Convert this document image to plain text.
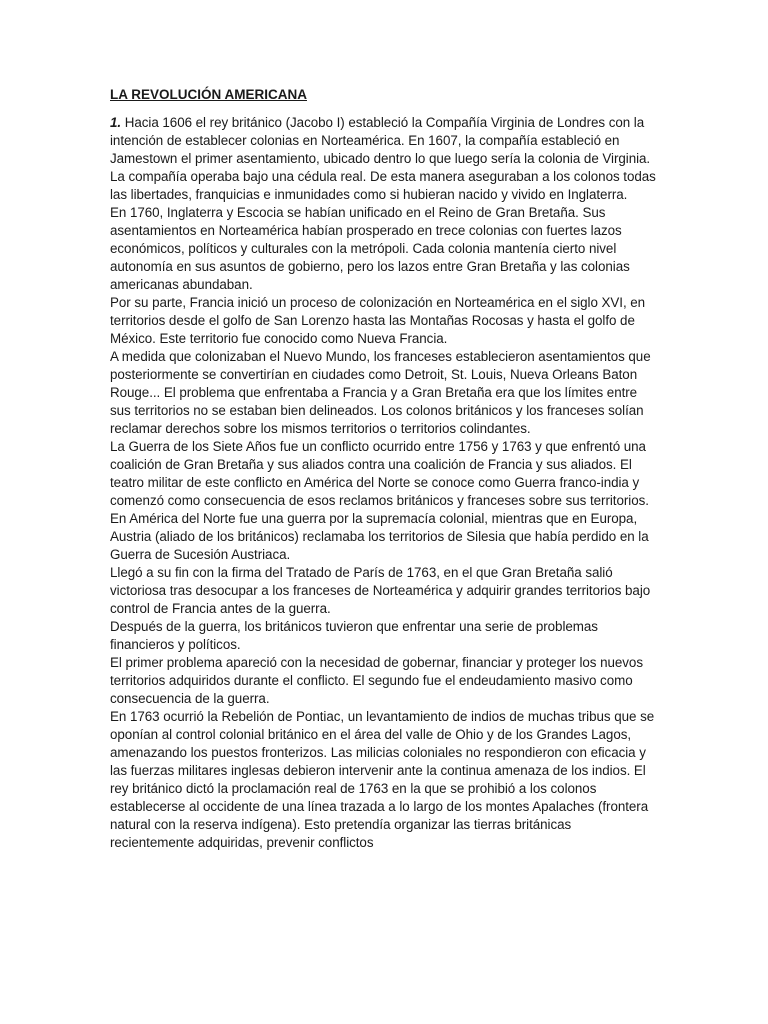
LA REVOLUCIÓN AMERICANA

1. Hacia 1606 el rey británico (Jacobo I) estableció la Compañía Virginia de Londres con la intención de establecer colonias en Norteamérica. En 1607, la compañía estableció en Jamestown el primer asentamiento, ubicado dentro lo que luego sería la colonia de Virginia. La compañía operaba bajo una cédula real. De esta manera aseguraban a los colonos todas las libertades, franquicias e inmunidades como si hubieran nacido y vivido en Inglaterra.

En 1760, Inglaterra y Escocia se habían unificado en el Reino de Gran Bretaña. Sus asentamientos en Norteamérica habían prosperado en trece colonias con fuertes lazos económicos, políticos y culturales con la metrópoli. Cada colonia mantenía cierto nivel autonomía en sus asuntos de gobierno, pero los lazos entre Gran Bretaña y las colonias americanas abundaban.

Por su parte, Francia inició un proceso de colonización en Norteamérica en el siglo XVI, en territorios desde el golfo de San Lorenzo hasta las Montañas Rocosas y hasta el golfo de México. Este territorio fue conocido como Nueva Francia.

A medida que colonizaban el Nuevo Mundo, los franceses establecieron asentamientos que posteriormente se convertirían en ciudades como Detroit, St. Louis, Nueva Orleans Baton Rouge... El problema que enfrentaba a Francia y a Gran Bretaña era que los límites entre sus territorios no se estaban bien delineados. Los colonos británicos y los franceses solían reclamar derechos sobre los mismos territorios o territorios colindantes.

La Guerra de los Siete Años fue un conflicto ocurrido entre 1756 y 1763 y que enfrentó una coalición de Gran Bretaña y sus aliados contra una coalición de Francia y sus aliados. El teatro militar de este conflicto en América del Norte se conoce como Guerra franco-india y comenzó como consecuencia de esos reclamos británicos y franceses sobre sus territorios.

En América del Norte fue una guerra por la supremacía colonial, mientras que en Europa, Austria (aliado de los británicos) reclamaba los territorios de Silesia que había perdido en la Guerra de Sucesión Austriaca.

Llegó a su fin con la firma del Tratado de París de 1763, en el que Gran Bretaña salió victoriosa tras desocupar a los franceses de Norteamérica y adquirir grandes territorios bajo control de Francia antes de la guerra.

Después de la guerra, los británicos tuvieron que enfrentar una serie de problemas financieros y políticos.

El primer problema apareció con la necesidad de gobernar, financiar y proteger los nuevos territorios adquiridos durante el conflicto. El segundo fue el endeudamiento masivo como consecuencia de la guerra.

En 1763 ocurrió la Rebelión de Pontiac, un levantamiento de indios de muchas tribus que se oponían al control colonial británico en el área del valle de Ohio y de los Grandes Lagos, amenazando los puestos fronterizos. Las milicias coloniales no respondieron con eficacia y las fuerzas militares inglesas debieron intervenir ante la continua amenaza de los indios. El rey británico dictó la proclamación real de 1763 en la que se prohibió a los colonos establecerse al occidente de una línea trazada a lo largo de los montes Apalaches (frontera natural con la reserva indígena). Esto pretendía organizar las tierras británicas recientemente adquiridas, prevenir conflictos
